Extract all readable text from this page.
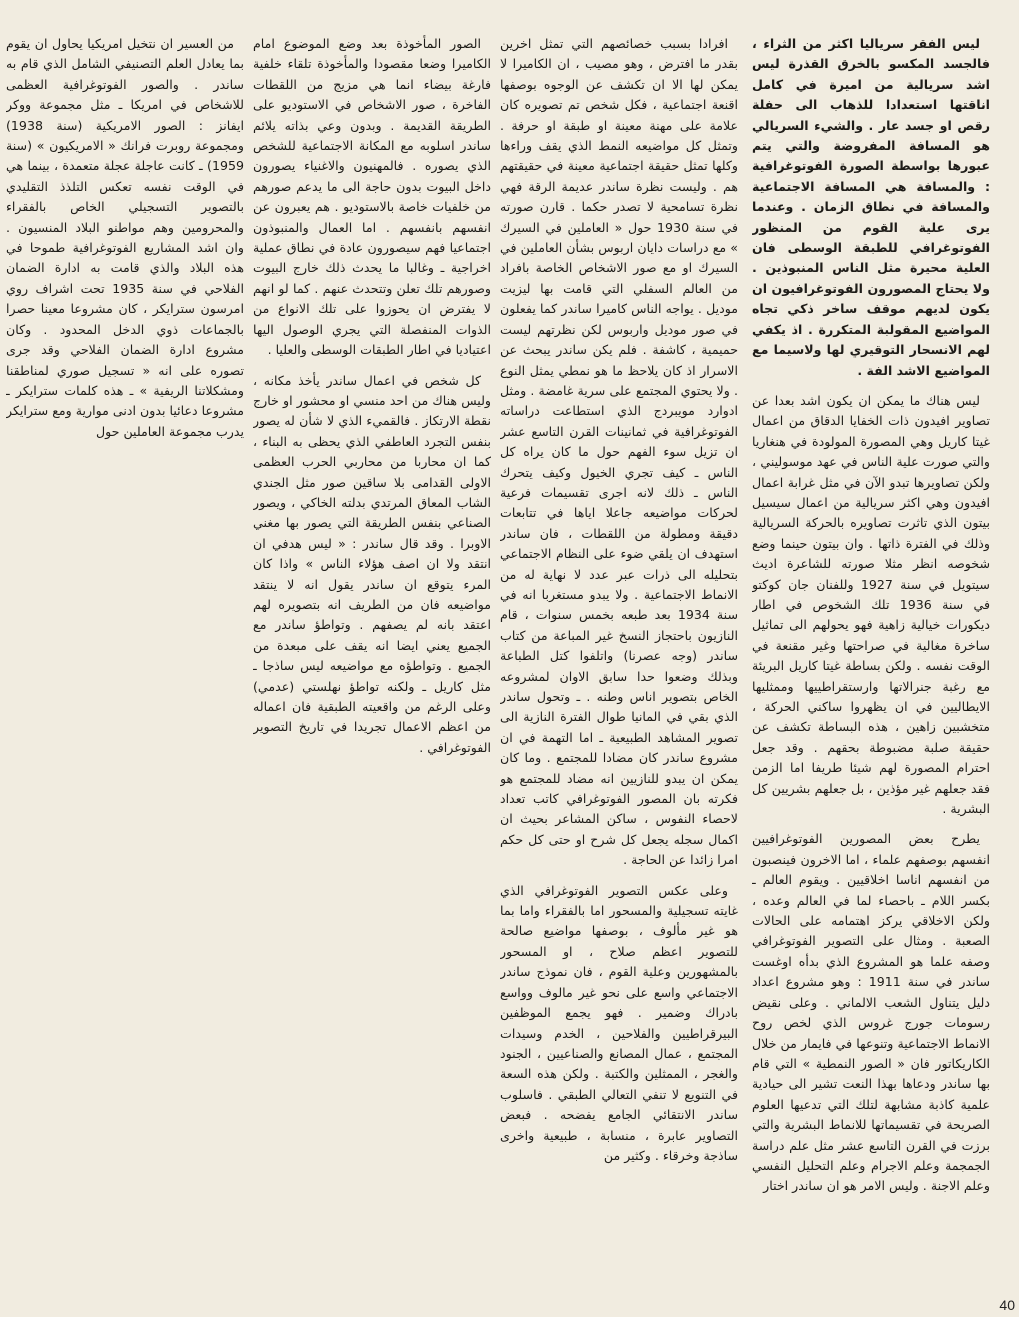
ليس الفقر سرياليا اكثر من الثراء ، فالجسد المكسو بالخرق القذرة ليس اشد سريالية من اميرة في كامل اناقتها استعدادا للذهاب الى حفلة رقص او جسد عار . والشيء السريالي هو المسافة المفروضة والتي يتم عبورها بواسطة الصورة الفوتوغرافية : والمسافة هي المسافة الاجتماعية والمسافة في نطاق الزمان . وعندما يرى علية القوم من المنظور الفوتوغرافي للطبقة الوسطى فان العلية محيرة مثل الناس المنبوذين . ولا يحتاج المصورون الفوتوغرافيون ان يكون لديهم موقف ساخر ذكي تجاه المواضيع المقولبة المتكررة . اذ يكفي لهم الانسحار التوقيري لها ولاسيما مع المواضيع الاشد الفة .

ليس هناك ما يمكن ان يكون اشد بعدا عن تصاوير افيدون ذات الخفايا الدقاق من اعمال غيتا كاريل وهي المصورة المولودة في هنغاريا والتي صورت علية الناس في عهد موسوليني ، ولكن تصاويرها تبدو الآن في مثل غرابة اعمال افيدون وهي اكثر سريالية من اعمال سيسيل بيتون الذي تاثرت تصاويره بالحركة السريالية وذلك في الفترة ذاتها . وان بيتون حينما وضع شخوصه انظر مثلا صورته للشاعرة اديث سيتويل في سنة 1927 وللفنان جان كوكتو في سنة 1936 تلك الشخوص في اطار ديكورات خيالية زاهية فهو يحولهم الى تماثيل ساخرة مغالية في صراحتها وغير مقنعة في الوقت نفسه . ولكن بساطة غيتا كاريل البريئة مع رغبة جنرالاتها وارستقراطييها وممثليها الايطاليين في ان يظهروا ساكني الحركة ، متخشبين زاهين ، هذه البساطة تكشف عن حقيقة صلبة مضبوطة بحقهم . وقد جعل احترام المصورة لهم شيئا طريفا اما الزمن فقد جعلهم غير مؤذين ، بل جعلهم بشريين كل البشرية .

يطرح بعض المصورين الفوتوغرافيين انفسهم بوصفهم علماء ، اما الاخرون فينصبون من انفسهم اناسا اخلاقيين . ويقوم العالم ـ بكسر اللام ـ باحصاء لما في العالم وعده ، ولكن الاخلاقي يركز اهتمامه على الحالات الصعبة . ومثال على التصوير الفوتوغرافي وصفه علما هو المشروع الذي بدأه اوغست ساندر في سنة 1911 : وهو مشروع اعداد دليل يتناول الشعب الالماني . وعلى نقيض رسومات جورج غروس الذي لخص روح الانماط الاجتماعية وتنوعها في فايمار من خلال الكاريكاتور فان « الصور النمطية » التي قام بها ساندر ودعاها بهذا النعت تشير الى حيادية علمية كاذبة مشابهة لتلك التي تدعيها العلوم الصريحة في تقسيماتها للانماط البشرية والتي برزت في القرن التاسع عشر مثل علم دراسة الجمجمة وعلم الاجرام وعلم التحليل النفسي وعلم الاجنة . وليس الامر هو ان ساندر اختار

افرادا بسبب خصائصهم التي تمثل اخرين بقدر ما افترض ، وهو مصيب ، ان الكاميرا لا يمكن لها الا ان تكشف عن الوجوه بوصفها اقنعة اجتماعية ، فكل شخص تم تصويره كان علامة على مهنة معينة او طبقة او حرفة . وتمثل كل مواضيعه النمط الذي يقف وراءها وكلها تمثل حقيقة اجتماعية معينة في حقيقتهم هم . وليست نظرة ساندر عديمة الرقة فهي نظرة تسامحية لا تصدر حكما . قارن صورته في سنة 1930 حول « العاملين في السيرك » مع دراسات دايان اربوس بشأن العاملين في السيرك او مع صور الاشخاص الخاصة بافراد من العالم السفلي التي قامت بها ليزيت موديل . يواجه الناس كاميرا ساندر كما يفعلون في صور موديل واربوس لكن نظرتهم ليست حميمية ، كاشفة . فلم يكن ساندر يبحث عن الاسرار اذ كان يلاحظ ما هو نمطي يمثل النوع . ولا يحتوي المجتمع على سرية غامضة . ومثل ادوارد مويبردج الذي استطاعت دراساته الفوتوغرافية في ثمانينات القرن التاسع عشر ان تزيل سوء الفهم حول ما كان يراه كل الناس ـ كيف تجري الخيول وكيف يتحرك الناس ـ ذلك لانه اجرى تقسيمات فرعية لحركات مواضيعه جاعلا اياها في تتابعات دقيقة ومطولة من اللقطات ، فان ساندر استهدف ان يلقي ضوء على النظام الاجتماعي بتحليله الى ذرات عبر عدد لا نهاية له من الانماط الاجتماعية . ولا يبدو مستغربا انه في سنة 1934 بعد طبعه بخمس سنوات ، قام النازيون باحتجاز النسخ غير المباعة من كتاب ساندر (وجه عصرنا) واتلفوا كتل الطباعة وبذلك وضعوا حدا سابق الاوان لمشروعه الخاص بتصوير اناس وطنه . ـ وتحول ساندر الذي بقي في المانيا طوال الفترة النازية الى تصوير المشاهد الطبيعية ـ اما التهمة في ان مشروع ساندر كان مضادا للمجتمع . وما كان يمكن ان يبدو للنازيين انه مضاد للمجتمع هو فكرته بان المصور الفوتوغرافي كاتب تعداد لاحصاء النفوس ، ساكن المشاعر بحيث ان اكمال سجله يجعل كل شرح او حتى كل حكم امرا زائدا عن الحاجة .

وعلى عكس التصوير الفوتوغرافي الذي غايته تسجيلية والمسحور اما بالفقراء واما بما هو غير مألوف ، بوصفها مواضيع صالحة للتصوير اعظم صلاح ، او المسحور بالمشهورين وعلية القوم ، فان نموذج ساندر الاجتماعي واسع على نحو غير مالوف وواسع بادراك وضمير . فهو يجمع الموظفين البيرقراطيين والفلاحين ، الخدم وسيدات المجتمع ، عمال المصانع والصناعيين ، الجنود والغجر ، الممثلين والكتبة . ولكن هذه السعة في التنويع لا تنفي التعالي الطبقي . فاسلوب ساندر الانتقائي الجامع يفضحه . فبعض التصاوير عابرة ، منسابة ، طبيعية واخرى ساذجة وخرقاء . وكثير من

الصور المأخوذة بعد وضع الموضوع امام الكاميرا وضعا مقصودا والمأخوذة تلقاء خلفية فارغة بيضاء انما هي مزيج من اللقطات الفاخرة ، صور الاشخاص في الاستوديو على الطريقة القديمة . وبدون وعي بذاته يلائم ساندر اسلوبه مع المكانة الاجتماعية للشخص الذي يصوره . فالمهنيون والاغنياء يصورون داخل البيوت بدون حاجة الى ما يدعم صورهم من خلفيات خاصة بالاستوديو . هم يعبرون عن انفسهم بانفسهم . اما العمال والمنبوذون اجتماعيا فهم سيصورون عادة في نطاق عملية اخراجية ـ وغالبا ما يحدث ذلك خارج البيوت وصورهم تلك تعلن وتتحدث عنهم . كما لو انهم لا يفترض ان يحوزوا على تلك الانواع من الذوات المنفصلة التي يجري الوصول اليها اعتياديا في اطار الطبقات الوسطى والعليا .

كل شخص في اعمال ساندر يأخذ مكانه ، وليس هناك من احد منسي او محشور او خارج نقطة الارتكاز . فالقميء الذي لا شأن له يصور بنفس التجرد العاطفي الذي يحظى به البناء ، كما ان محاربا من محاربي الحرب العظمى الاولى القدامى بلا ساقين صور مثل الجندي الشاب المعاق المرتدي بدلته الخاكي ، ويصور الصناعي بنفس الطريقة التي يصور بها مغني الاوبرا . وقد قال ساندر : « ليس هدفي ان انتقد ولا ان اصف هؤلاء الناس » واذا كان المرء يتوقع ان ساندر يقول انه لا ينتقد مواضيعه فان من الطريف انه بتصويره لهم اعتقد بانه لم يصفهم . وتواطؤ ساندر مع الجميع يعني ايضا انه يقف على مبعدة من الجميع . وتواطؤه مع مواضيعه ليس ساذجا ـ مثل كاريل ـ ولكنه تواطؤ نهلستي (عدمي) وعلى الرغم من واقعيته الطبقية فان اعماله من اعظم الاعمال تجريدا في تاريخ التصوير الفوتوغرافي .

من العسير ان نتخيل امريكيا يحاول ان يقوم بما يعادل العلم التصنيفي الشامل الذي قام به ساندر . والصور الفوتوغرافية العظمى للاشخاص في امريكا ـ مثل مجموعة ووكر ايفانز : الصور الامريكية (سنة 1938) ومجموعة روبرت فرانك « الامريكيون » (سنة 1959) ـ كانت عاجلة عجلة متعمدة ، بينما هي في الوقت نفسه تعكس التلذذ التقليدي بالتصوير التسجيلي الخاص بالفقراء والمحرومين وهم مواطنو البلاد المنسيون . وان اشد المشاريع الفوتوغرافية طموحا في هذه البلاد والذي قامت به ادارة الضمان الفلاحي في سنة 1935 تحت اشراف روي امرسون سترايكر ، كان مشروعا معينا حصرا بالجماعات ذوي الدخل المحدود . وكان مشروع ادارة الضمان الفلاحي وقد جرى تصوره على انه « تسجيل صوري لمناطقنا ومشكلاتنا الريفية » ـ هذه كلمات سترايكر ـ مشروعا دعائيا بدون ادنى موارية ومع سترايكر يدرب مجموعة العاملين حول

40
